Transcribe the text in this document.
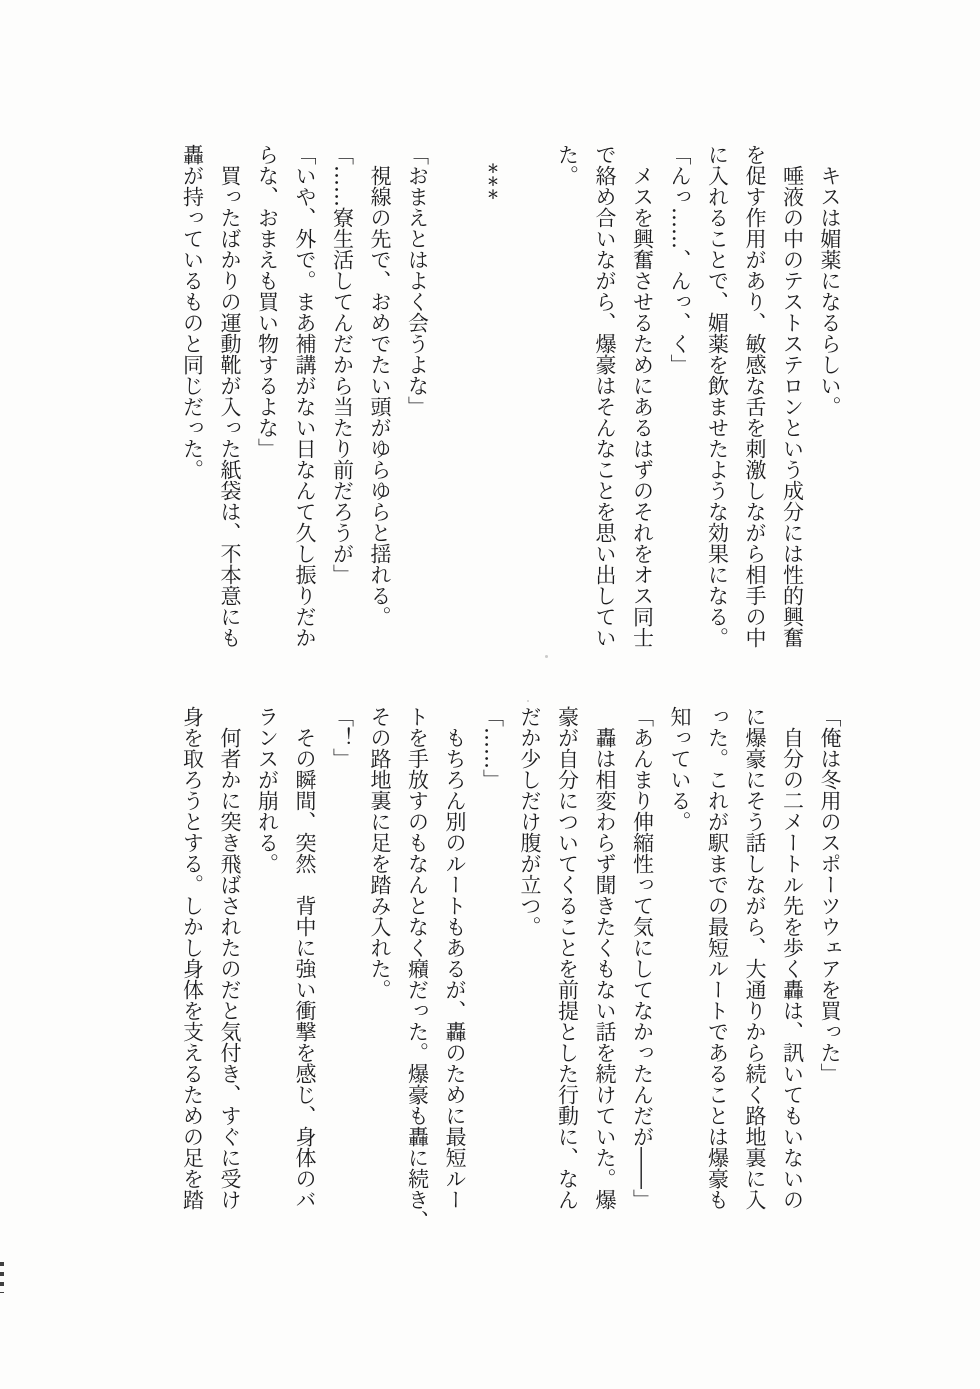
キスは媚薬になるらしい。
唾液の中のテストステロンという成分には性的興奮
を促す作用があり、敏感な舌を刺激しながら相手の中
に入れることで、媚薬を飲ませたような効果になる。
「んっ……、んっ、く」
メスを興奮させるためにあるはずのそれをオス同士
で絡め合いながら、爆豪はそんなことを思い出してい
た。
＊＊＊
「おまえとはよく会うよな」
視線の先で、おめでたい頭がゆらゆらと揺れる。
「……寮生活してんだから当たり前だろうが」
「いや、外で。まあ補講がない日なんて久し振りだか
らな、おまえも買い物するよな」
買ったばかりの運動靴が入った紙袋は、不本意にも
轟が持っているものと同じだった。
「俺は冬用のスポーツウェアを買った」
自分の二メートル先を歩く轟は、訊いてもいないの
に爆豪にそう話しながら、大通りから続く路地裏に入
った。これが駅までの最短ルートであることは爆豪も
知っている。
「あんまり伸縮性って気にしてなかったんだが――」
轟は相変わらず聞きたくもない話を続けていた。爆
豪が自分についてくることを前提とした行動に、なん
だか少しだけ腹が立つ。
「……」
もちろん別のルートもあるが、轟のために最短ルー
トを手放すのもなんとなく癪だった。爆豪も轟に続き、
その路地裏に足を踏み入れた。
「！」
その瞬間、突然　背中に強い衝撃を感じ、身体のバ
ランスが崩れる。
何者かに突き飛ばされたのだと気付き、すぐに受け
身を取ろうとする。しかし身体を支えるための足を踏
